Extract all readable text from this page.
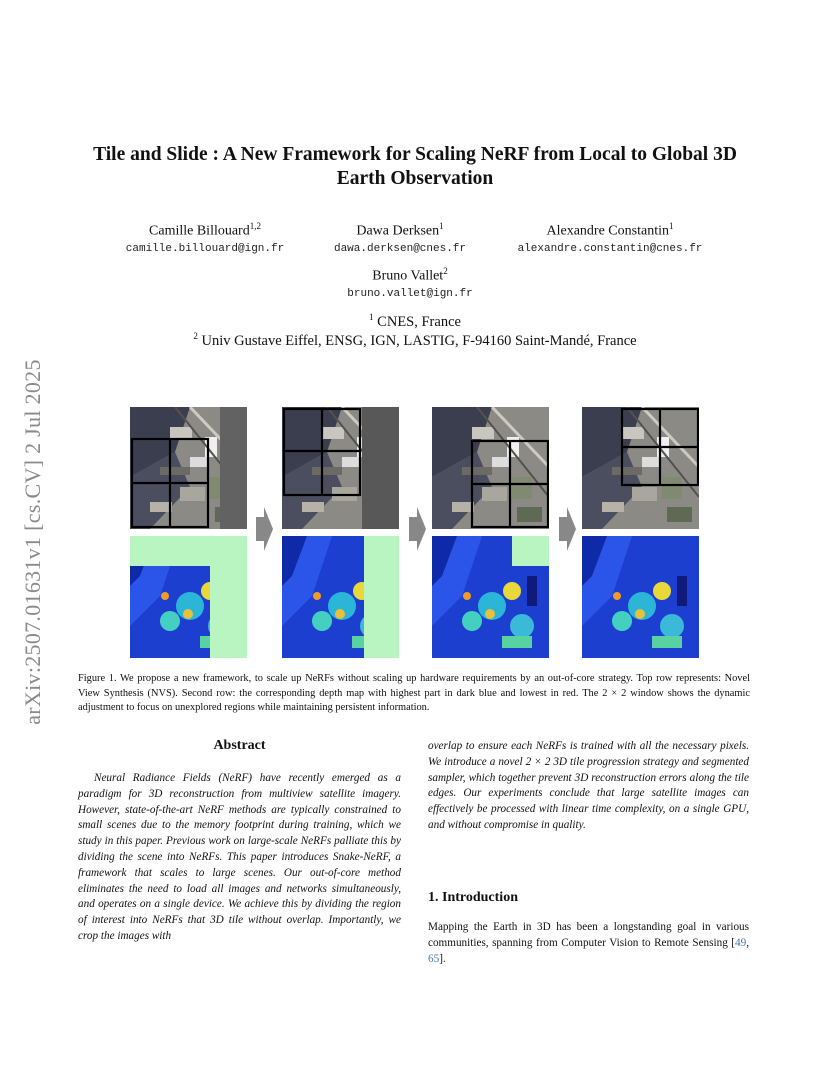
arXiv:2507.01631v1 [cs.CV] 2 Jul 2025
Tile and Slide : A New Framework for Scaling NeRF from Local to Global 3D
Earth Observation
Camille Billouard$^{1,2}$
camille.billouard@ign.fr
Dawa Derksen$^1$
dawa.derksen@cnes.fr
Alexandre Constantin$^1$
alexandre.constantin@cnes.fr
Bruno Vallet$^2$
bruno.vallet@ign.fr
$^1$ CNES, France
$^2$ Univ Gustave Eiffel, ENSG, IGN, LASTIG, F-94160 Saint-Mandé, France
Figure 1. We propose a new framework, to scale up NeRFs without scaling up hardware requirements by an out-of-core strategy. Top row represents: Novel View Synthesis (NVS). Second row: the corresponding depth map with highest part in dark blue and lowest in red. The 2 × 2 window shows the dynamic adjustment to focus on unexplored regions while maintaining persistent information.
Abstract
Neural Radiance Fields (NeRF) have recently emerged as a paradigm for 3D reconstruction from multiview satellite imagery. However, state-of-the-art NeRF methods are typically constrained to small scenes due to the memory footprint during training, which we study in this paper. Previous work on large-scale NeRFs palliate this by dividing the scene into NeRFs. This paper introduces Snake-NeRF, a framework that scales to large scenes. Our out-of-core method eliminates the need to load all images and networks simultaneously, and operates on a single device. We achieve this by dividing the region of interest into NeRFs that 3D tile without overlap. Importantly, we crop the images with
overlap to ensure each NeRFs is trained with all the necessary pixels. We introduce a novel 2 × 2 3D tile progression strategy and segmented sampler, which together prevent 3D reconstruction errors along the tile edges. Our experiments conclude that large satellite images can effectively be processed with linear time complexity, on a single GPU, and without compromise in quality.
1. Introduction
Mapping the Earth in 3D has been a longstanding goal in various communities, spanning from Computer Vision to Remote Sensing [49, 65].
